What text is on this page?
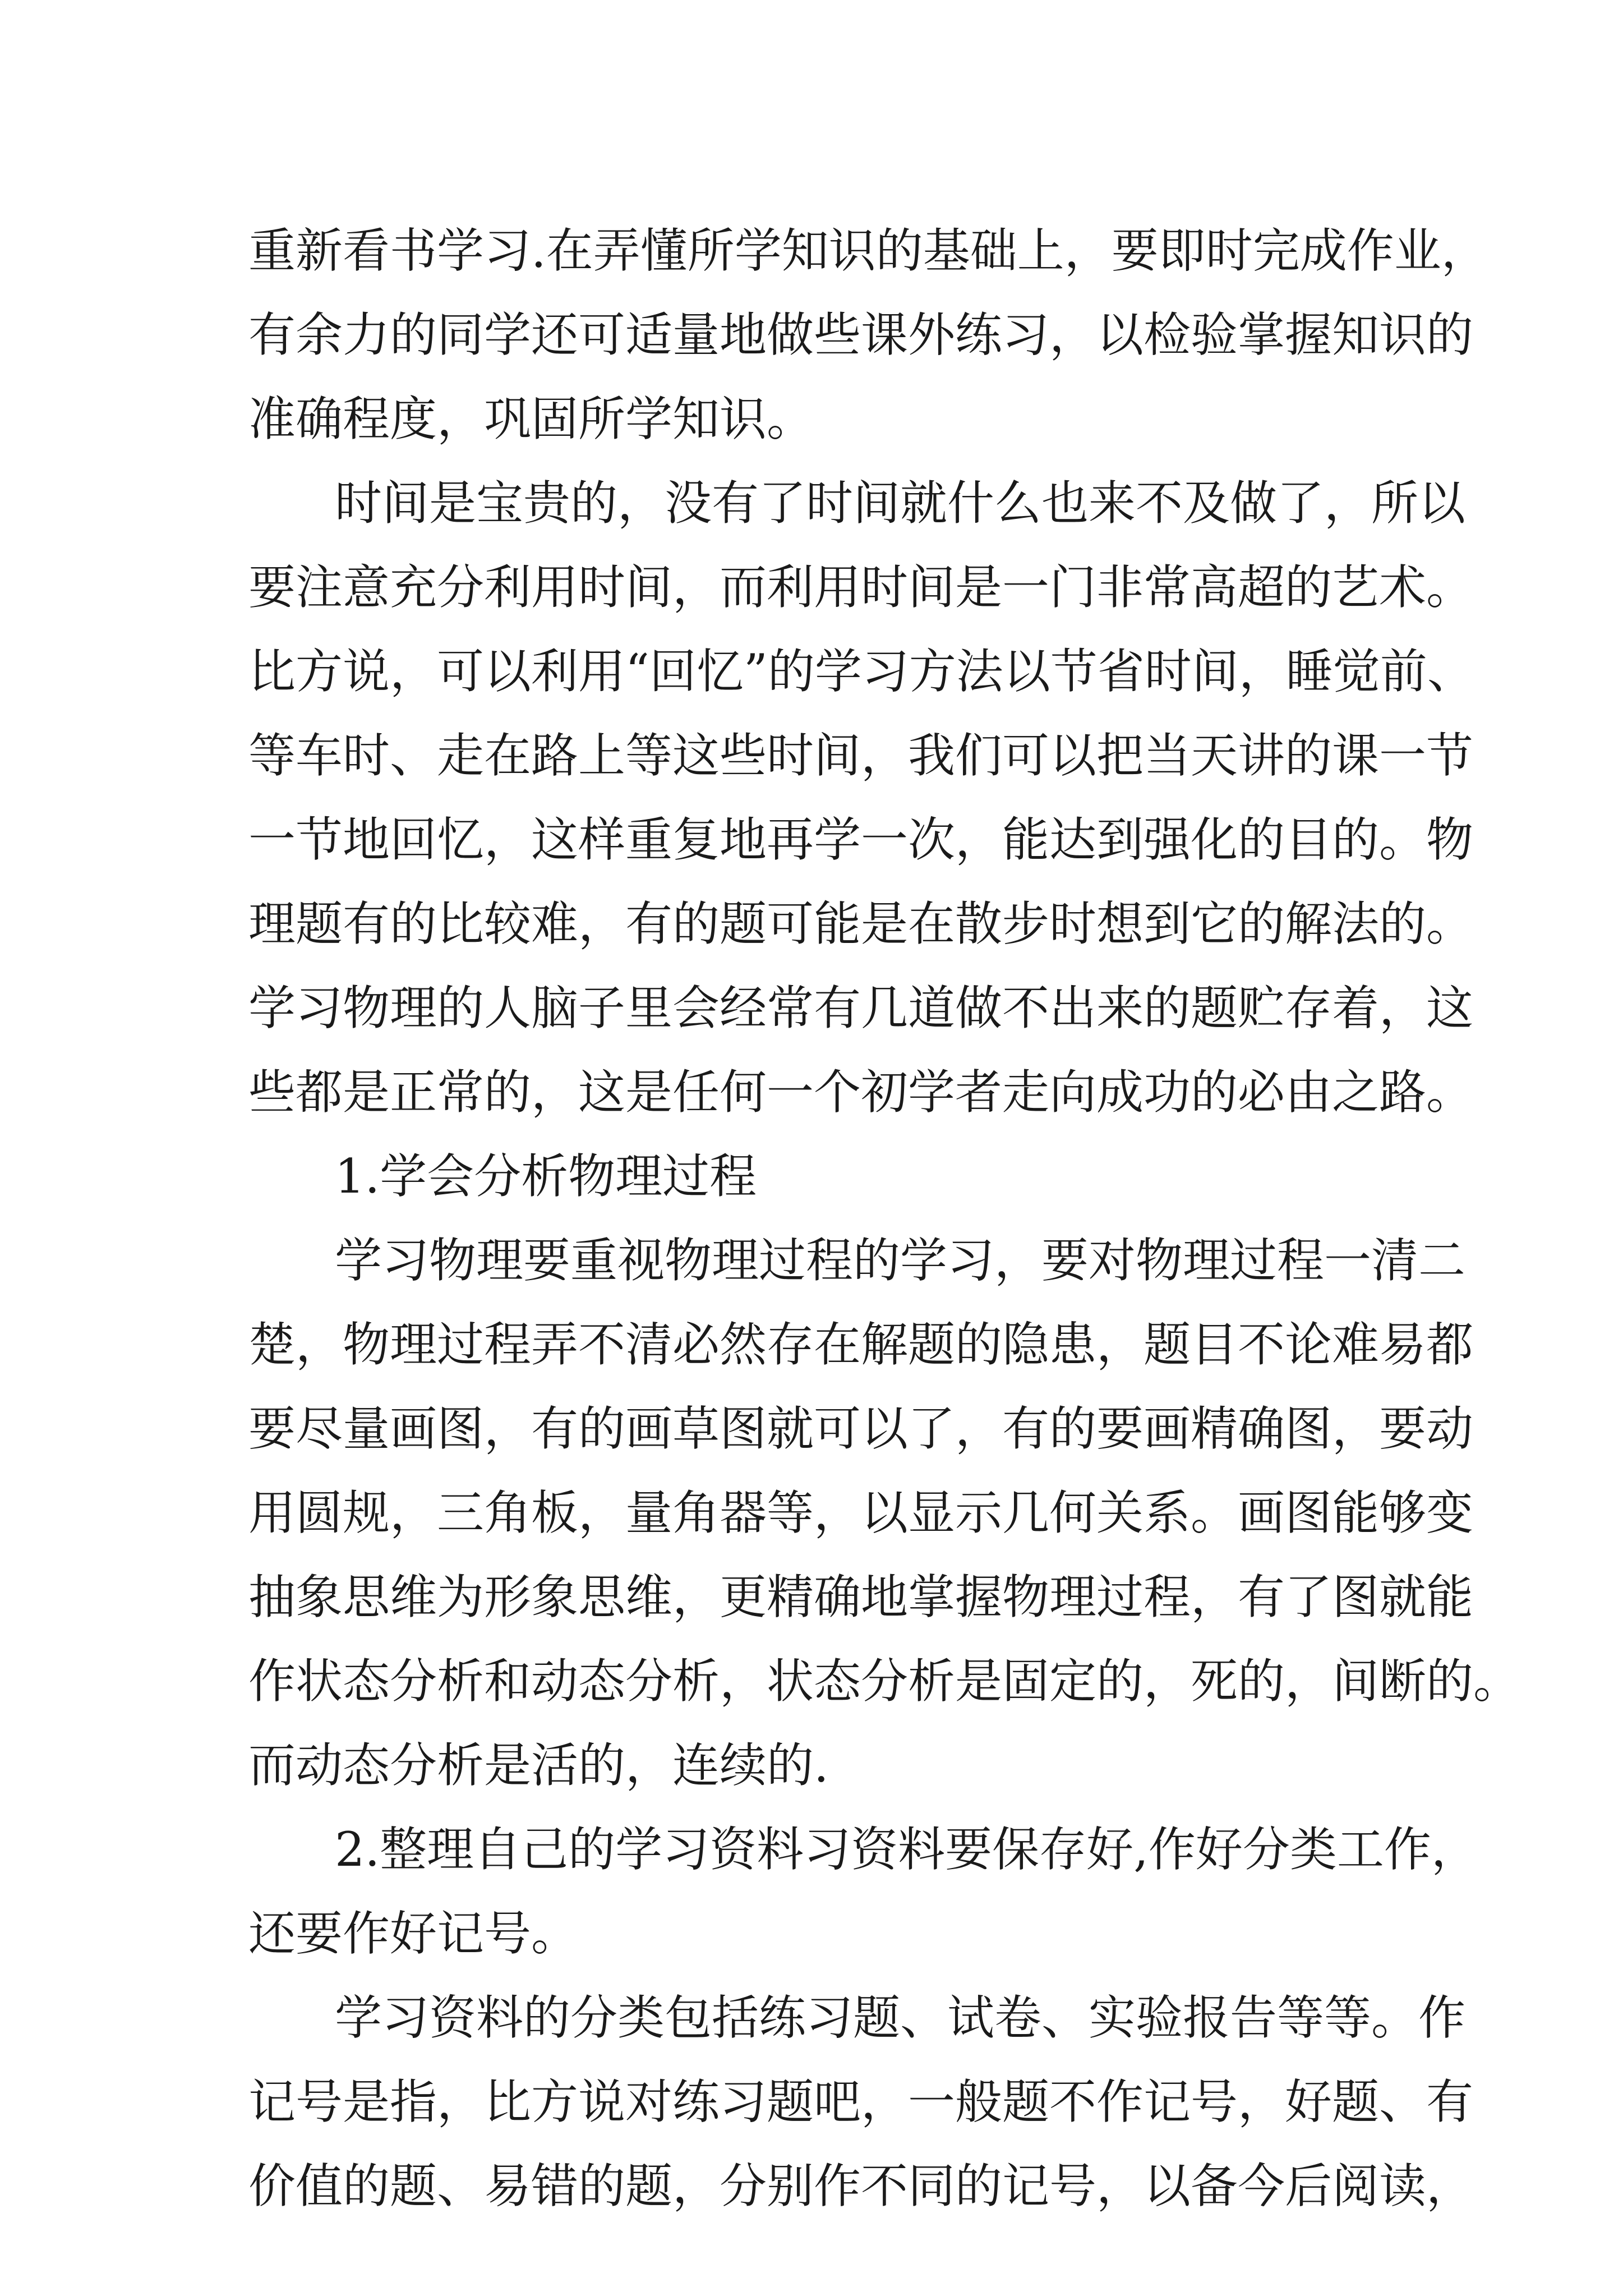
重新看书学习.在弄懂所学知识的基础上，要即时完成作业，
有余力的同学还可适量地做些课外练习，以检验掌握知识的
准确程度，巩固所学知识。
时间是宝贵的，没有了时间就什么也来不及做了，所以
要注意充分利用时间，而利用时间是一门非常高超的艺术。
比方说，可以利用“回忆”的学习方法以节省时间，睡觉前、
等车时、走在路上等这些时间，我们可以把当天讲的课一节
一节地回忆，这样重复地再学一次，能达到强化的目的。物
理题有的比较难，有的题可能是在散步时想到它的解法的。
学习物理的人脑子里会经常有几道做不出来的题贮存着，这
些都是正常的，这是任何一个初学者走向成功的必由之路。
1.学会分析物理过程
学习物理要重视物理过程的学习，要对物理过程一清二
楚，物理过程弄不清必然存在解题的隐患，题目不论难易都
要尽量画图，有的画草图就可以了，有的要画精确图，要动
用圆规，三角板，量角器等，以显示几何关系。画图能够变
抽象思维为形象思维，更精确地掌握物理过程，有了图就能
作状态分析和动态分析，状态分析是固定的，死的，间断的。
而动态分析是活的，连续的.
2.整理自己的学习资料习资料要保存好,作好分类工作，
还要作好记号。
学习资料的分类包括练习题、试卷、实验报告等等。作
记号是指，比方说对练习题吧，一般题不作记号，好题、有
价值的题、易错的题，分别作不同的记号，以备今后阅读，
